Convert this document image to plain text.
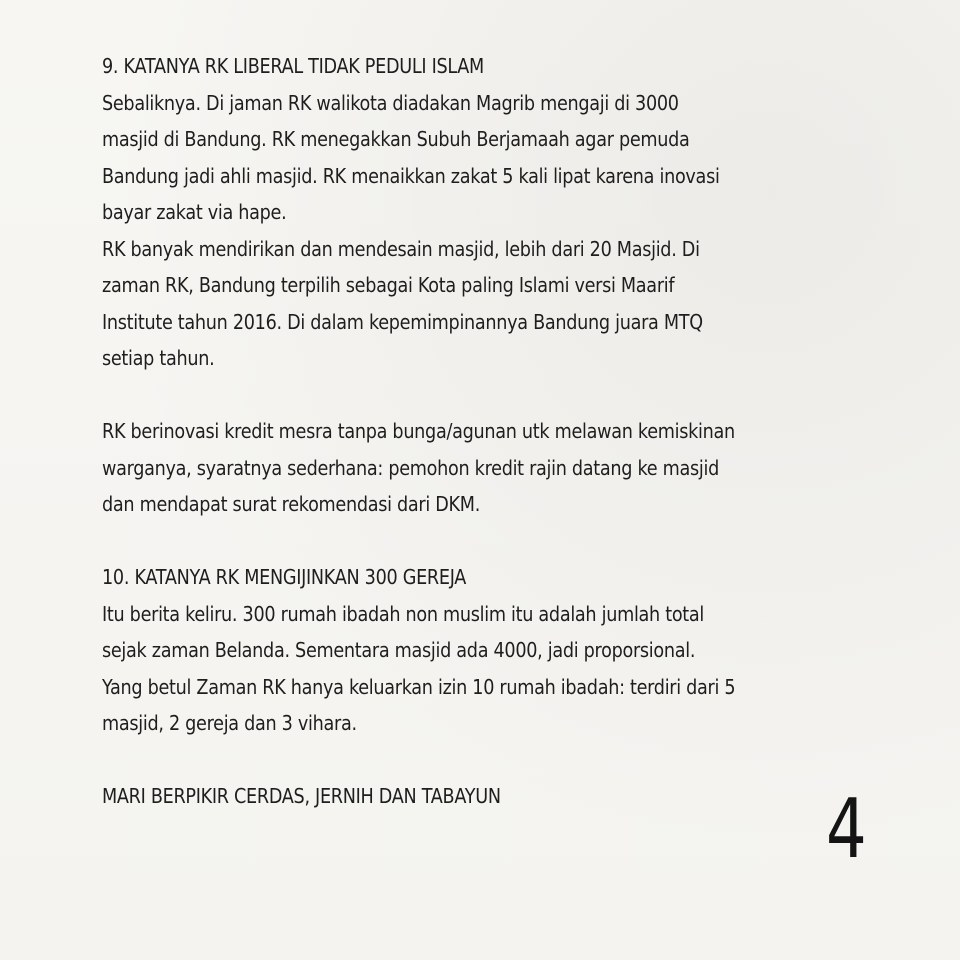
9. KATANYA RK LIBERAL TIDAK PEDULI ISLAM
Sebaliknya. Di jaman RK walikota diadakan Magrib mengaji di 3000
masjid di Bandung. RK menegakkan Subuh Berjamaah agar pemuda
Bandung jadi ahli masjid. RK menaikkan zakat 5 kali lipat karena inovasi
bayar zakat via hape.
RK banyak mendirikan dan mendesain masjid, lebih dari 20 Masjid. Di
zaman RK, Bandung terpilih sebagai Kota paling Islami versi Maarif
Institute tahun 2016. Di dalam kepemimpinannya Bandung juara MTQ
setiap tahun.
RK berinovasi kredit mesra tanpa bunga/agunan utk melawan kemiskinan
warganya, syaratnya sederhana: pemohon kredit rajin datang ke masjid
dan mendapat surat rekomendasi dari DKM.
10. KATANYA RK MENGIJINKAN 300 GEREJA
Itu berita keliru. 300 rumah ibadah non muslim itu adalah jumlah total
sejak zaman Belanda. Sementara masjid ada 4000, jadi proporsional.
Yang betul Zaman RK hanya keluarkan izin 10 rumah ibadah: terdiri dari 5
masjid, 2 gereja dan 3 vihara.
MARI BERPIKIR CERDAS, JERNIH DAN TABAYUN	4
